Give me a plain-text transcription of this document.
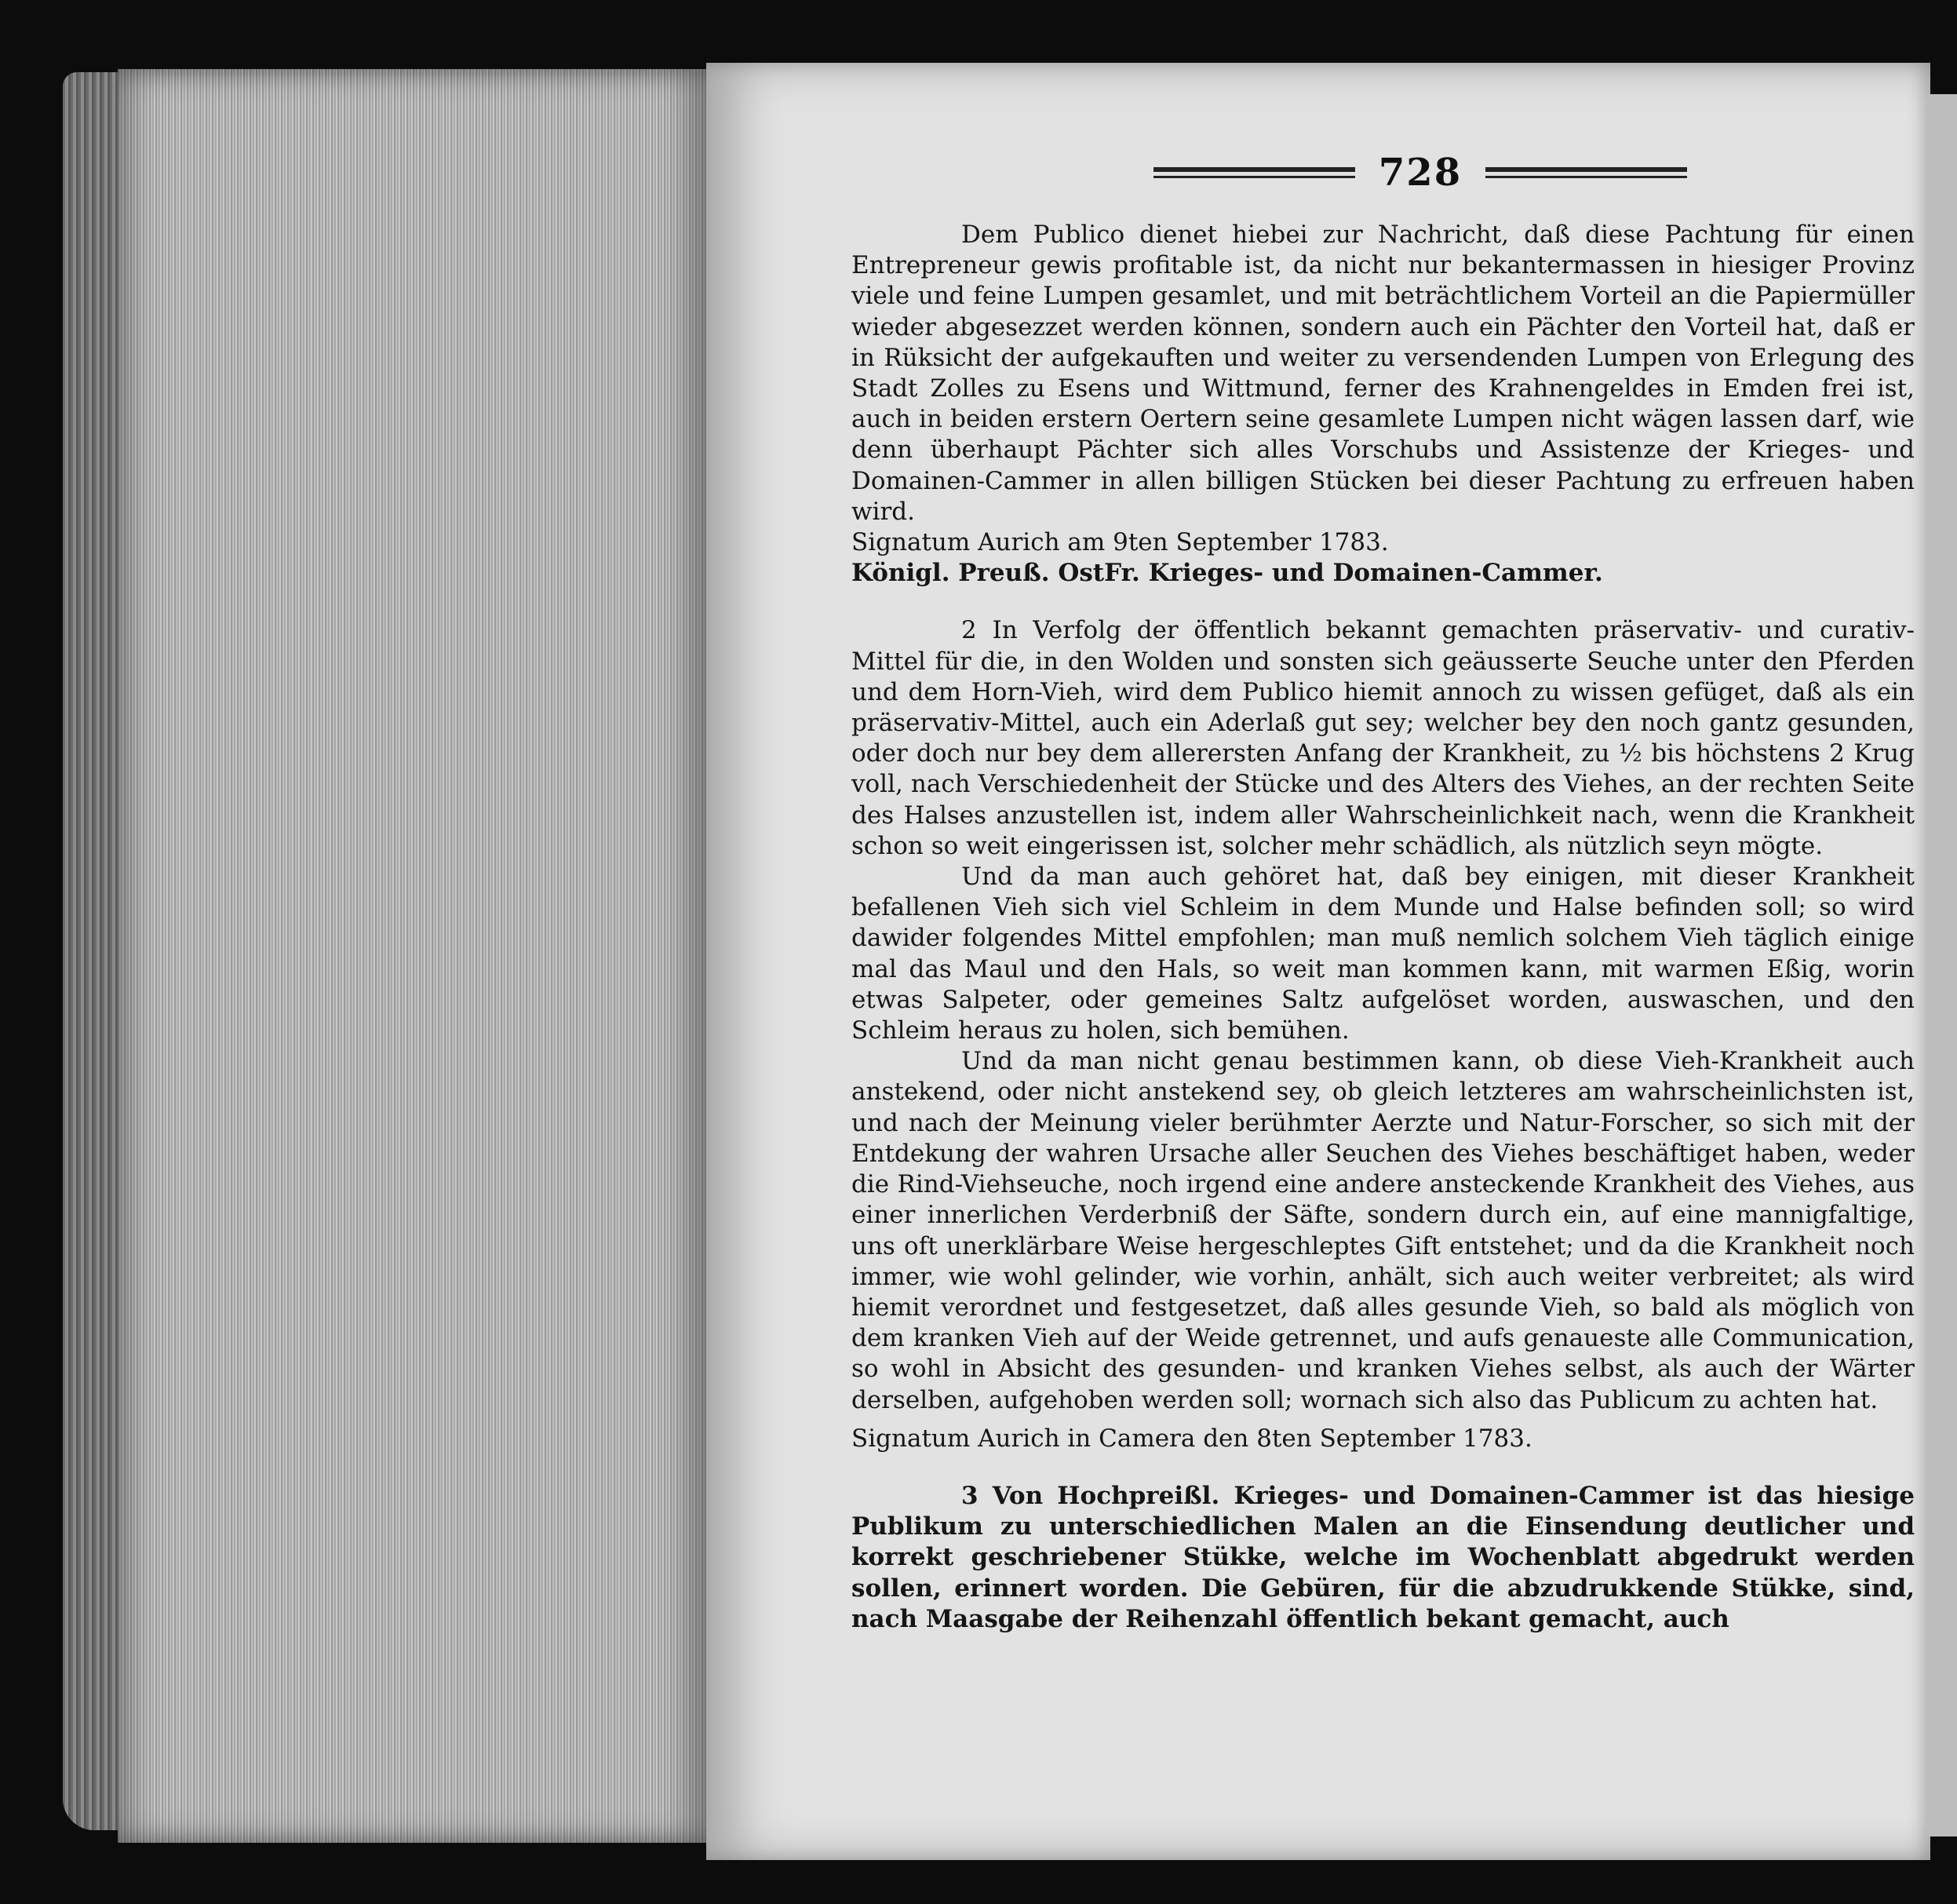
728

Dem Publico dienet hiebei zur Nachricht, daß diese Pachtung für einen Entrepreneur gewis profitable ist, da nicht nur bekantermassen in hiesiger Provinz viele und feine Lumpen gesamlet, und mit beträchtlichem Vorteil an die Papiermüller wieder abgesezzet werden können, sondern auch ein Pächter den Vorteil hat, daß er in Rüksicht der aufgekauften und weiter zu versendenden Lumpen von Erlegung des Stadt Zolles zu Esens und Wittmund, ferner des Krahnengeldes in Emden frei ist, auch in beiden erstern Oertern seine gesamlete Lumpen nicht wägen lassen darf, wie denn überhaupt Pächter sich alles Vorschubs und Assistenze der Krieges- und Domainen-Cammer in allen billigen Stücken bei dieser Pachtung zu erfreuen haben wird.

Signatum Aurich am 9ten September 1783.

Königl. Preuß. OstFr. Krieges- und Domainen-Cammer.

2 In Verfolg der öffentlich bekannt gemachten präservativ- und curativ-Mittel für die, in den Wolden und sonsten sich geäusserte Seuche unter den Pferden und dem Horn-Vieh, wird dem Publico hiemit annoch zu wissen gefüget, daß als ein präservativ-Mittel, auch ein Aderlaß gut sey; welcher bey den noch gantz gesunden, oder doch nur bey dem allerersten Anfang der Krankheit, zu ½ bis höchstens 2 Krug voll, nach Verschiedenheit der Stücke und des Alters des Viehes, an der rechten Seite des Halses anzustellen ist, indem aller Wahrscheinlichkeit nach, wenn die Krankheit schon so weit eingerissen ist, solcher mehr schädlich, als nützlich seyn mögte.

Und da man auch gehöret hat, daß bey einigen, mit dieser Krankheit befallenen Vieh sich viel Schleim in dem Munde und Halse befinden soll; so wird dawider folgendes Mittel empfohlen; man muß nemlich solchem Vieh täglich einige mal das Maul und den Hals, so weit man kommen kann, mit warmen Eßig, worin etwas Salpeter, oder gemeines Saltz aufgelöset worden, auswaschen, und den Schleim heraus zu holen, sich bemühen.

Und da man nicht genau bestimmen kann, ob diese Vieh-Krankheit auch anstekend, oder nicht anstekend sey, ob gleich letzteres am wahrscheinlichsten ist, und nach der Meinung vieler berühmter Aerzte und Natur-Forscher, so sich mit der Entdekung der wahren Ursache aller Seuchen des Viehes beschäftiget haben, weder die Rind-Viehseuche, noch irgend eine andere ansteckende Krankheit des Viehes, aus einer innerlichen Verderbniß der Säfte, sondern durch ein, auf eine mannigfaltige, uns oft unerklärbare Weise hergeschleptes Gift entstehet; und da die Krankheit noch immer, wie wohl gelinder, wie vorhin, anhält, sich auch weiter verbreitet; als wird hiemit verordnet und festgesetzet, daß alles gesunde Vieh, so bald als möglich von dem kranken Vieh auf der Weide getrennet, und aufs genaueste alle Communication, so wohl in Absicht des gesunden- und kranken Viehes selbst, als auch der Wärter derselben, aufgehoben werden soll; wornach sich also das Publicum zu achten hat.

Signatum Aurich in Camera den 8ten September 1783.

3 Von Hochpreißl. Krieges- und Domainen-Cammer ist das hiesige Publikum zu unterschiedlichen Malen an die Einsendung deutlicher und korrekt geschriebener Stükke, welche im Wochenblatt abgedrukt werden sollen, erinnert worden. Die Gebüren, für die abzudrukkende Stükke, sind, nach Maasgabe der Reihenzahl öffentlich bekant gemacht, auch
